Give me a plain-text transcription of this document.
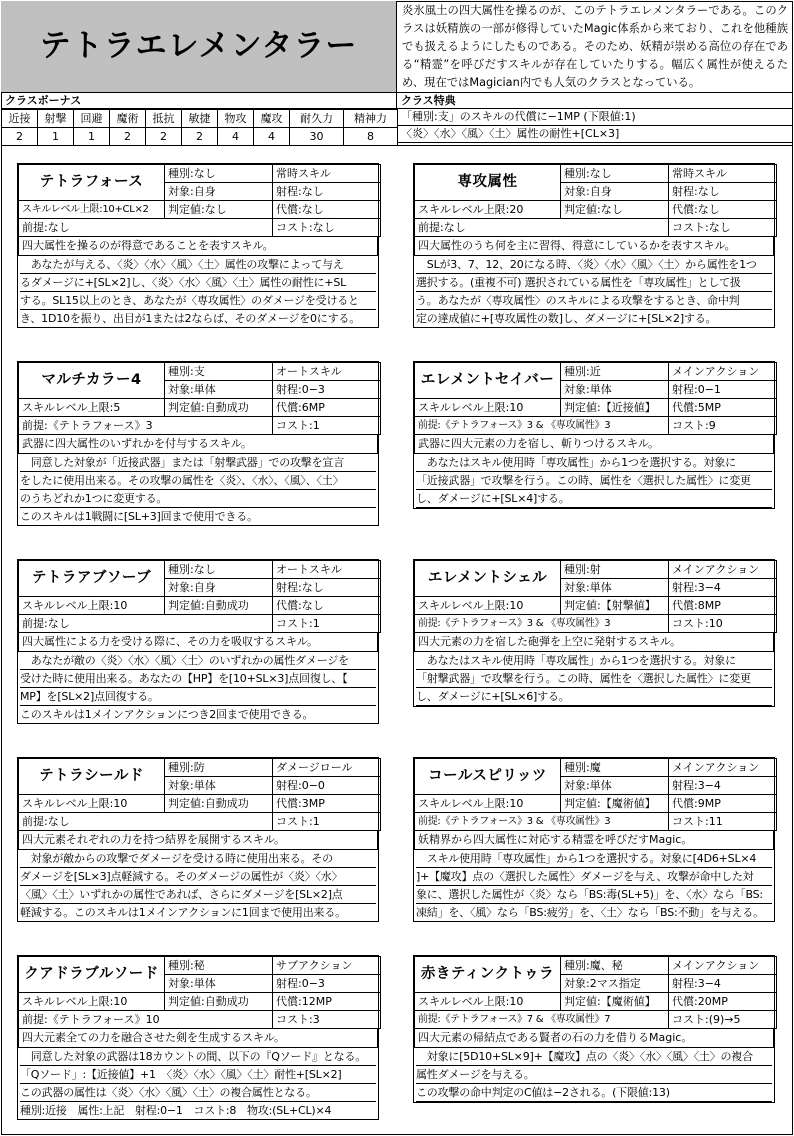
テトラエレメンタラー
炎氷風土の四大属性を操るのが、このテトラエレメンタラーである。このクラスは妖精族の一部が修得していたMagic体系から来ており、これを他種族でも扱えるようにしたものである。そのため、妖精が崇める高位の存在である“精霊”を呼びだすスキルが存在していたりする。幅広く属性が使えるため、現在ではMagician内でも人気のクラスとなっている。
クラスボーナス
近接	射撃	回避	魔術	抵抗	敏捷	物攻	魔攻	耐久力	精神力
2	1	1	2	2	2	4	4	30	8
クラス特典
「種別:支」のスキルの代償に−1MP (下限値:1)
〈炎〉〈水〉〈風〉〈土〉属性の耐性+[CL×3]
テトラフォース	種別:なし	常時スキル
	対象:自身	射程:なし
スキルレベル上限:10+CL×2	判定値:なし	代償:なし
前提:なし		コスト:なし
四大属性を操るのが得意であることを表すスキル。
　あなたが与える、〈炎〉〈水〉〈風〉〈土〉属性の攻撃によって与え
るダメージに+[SL×2]し、〈炎〉〈水〉〈風〉〈土〉属性の耐性に+SL
する。SL15以上のとき、あなたが〈専攻属性〉のダメージを受けると
き、1D10を振り、出目が1または2ならば、そのダメージを0にする。
専攻属性	種別:なし	常時スキル
	対象:自身	射程:なし
スキルレベル上限:20	判定値:なし	代償:なし
前提:なし		コスト:なし
四大属性のうち何を主に習得、得意にしているかを表すスキル。
　SLが3、7、12、20になる時、〈炎〉〈水〉〈風〉〈土〉から属性を1つ
選択する。(重複不可) 選択されている属性を「専攻属性」として扱
う。あなたが〈専攻属性〉のスキルによる攻撃をするとき、命中判
定の達成値に+[専攻属性の数]し、ダメージに+[SL×2]する。
マルチカラー4	種別:支	オートスキル
	対象:単体	射程:0−3
スキルレベル上限:5	判定値:自動成功	代償:6MP
前提:《テトラフォース》3		コスト:1
武器に四大属性のいずれかを付与するスキル。
　同意した対象が「近接武器」または「射撃武器」での攻撃を宣言
をしたに使用出来る。その攻撃の属性を〈炎〉、〈水〉、〈風〉、〈土〉
のうちどれか1つに変更する。
このスキルは1戦闘に[SL+3]回まで使用できる。
エレメントセイバー	種別:近	メインアクション
	対象:単体	射程:0−1
スキルレベル上限:10	判定値:【近接値】	代償:5MP
前提:《テトラフォース》3 & 《専攻属性》3		コスト:9
武器に四大元素の力を宿し、斬りつけるスキル。
　あなたはスキル使用時「専攻属性」から1つを選択する。対象に
「近接武器」で攻撃を行う。この時、属性を〈選択した属性〉に変更
し、ダメージに+[SL×4]する。
テトラアブソーブ	種別:なし	オートスキル
	対象:自身	射程:なし
スキルレベル上限:10	判定値:自動成功	代償:なし
前提:なし		コスト:1
四大属性による力を受ける際に、その力を吸収するスキル。
　あなたが敵の〈炎〉〈水〉〈風〉〈土〉のいずれかの属性ダメージを
受けた時に使用出来る。あなたの【HP】を[10+SL×3]点回復し、【
MP】を[SL×2]点回復する。
このスキルは1メインアクションにつき2回まで使用できる。
エレメントシェル	種別:射	メインアクション
	対象:単体	射程:3−4
スキルレベル上限:10	判定値:【射撃値】	代償:8MP
前提:《テトラフォース》3 & 《専攻属性》3		コスト:10
四大元素の力を宿した砲弾を上空に発射するスキル。
　あなたはスキル使用時「専攻属性」から1つを選択する。対象に
「射撃武器」で攻撃を行う。この時、属性を〈選択した属性〉に変更
し、ダメージに+[SL×6]する。
テトラシールド	種別:防	ダメージロール
	対象:単体	射程:0−0
スキルレベル上限:10	判定値:自動成功	代償:3MP
前提:なし		コスト:1
四大元素それぞれの力を持つ結界を展開するスキル。
　対象が敵からの攻撃でダメージを受ける時に使用出来る。その
ダメージを[SL×3]点軽減する。そのダメージの属性が〈炎〉〈水〉
〈風〉〈土〉いずれかの属性であれば、さらにダメージを[SL×2]点
軽減する。このスキルは1メインアクションに1回まで使用出来る。
コールスピリッツ	種別:魔	メインアクション
	対象:単体	射程:3−4
スキルレベル上限:10	判定値:【魔術値】	代償:9MP
前提:《テトラフォース》3 & 《専攻属性》3		コスト:11
妖精界から四大属性に対応する精霊を呼びだすMagic。
　スキル使用時「専攻属性」から1つを選択する。対象に[4D6+SL×4
]+【魔攻】点の〈選択した属性〉ダメージを与え、攻撃が命中した対
象に、選択した属性が〈炎〉なら「BS:毒(SL+5)」を、〈水〉なら「BS:
凍結」を、〈風〉なら「BS:疲労」を、〈土〉なら「BS:不動」を与える。
クアドラブルソード	種別:秘	サブアクション
	対象:単体	射程:0−3
スキルレベル上限:10	判定値:自動成功	代償:12MP
前提:《テトラフォース》10		コスト:3
四大元素全ての力を融合させた剣を生成するスキル。
　同意した対象の武器は18カウントの間、以下の『Qソード』となる。
「Qソード」:【近接値】+1　〈炎〉〈水〉〈風〉〈土〉耐性+[SL×2]
この武器の属性は〈炎〉〈水〉〈風〉〈土〉の複合属性となる。
種別:近接　属性:上記　射程:0−1　コスト:8　物攻:(SL+CL)×4
赤きティンクトゥラ	種別:魔、秘	メインアクション
	対象:2マス指定	射程:3−4
スキルレベル上限:10	判定値:【魔術値】	代償:20MP
前提:《テトラフォース》7 & 《専攻属性》7		コスト:(9)→5
四大元素の帰結点である賢者の石の力を借りるMagic。
　対象に[5D10+SL×9]+【魔攻】点の〈炎〉〈水〉〈風〉〈土〉の複合
属性ダメージを与える。
この攻撃の命中判定のC値は−2される。(下限値:13)
